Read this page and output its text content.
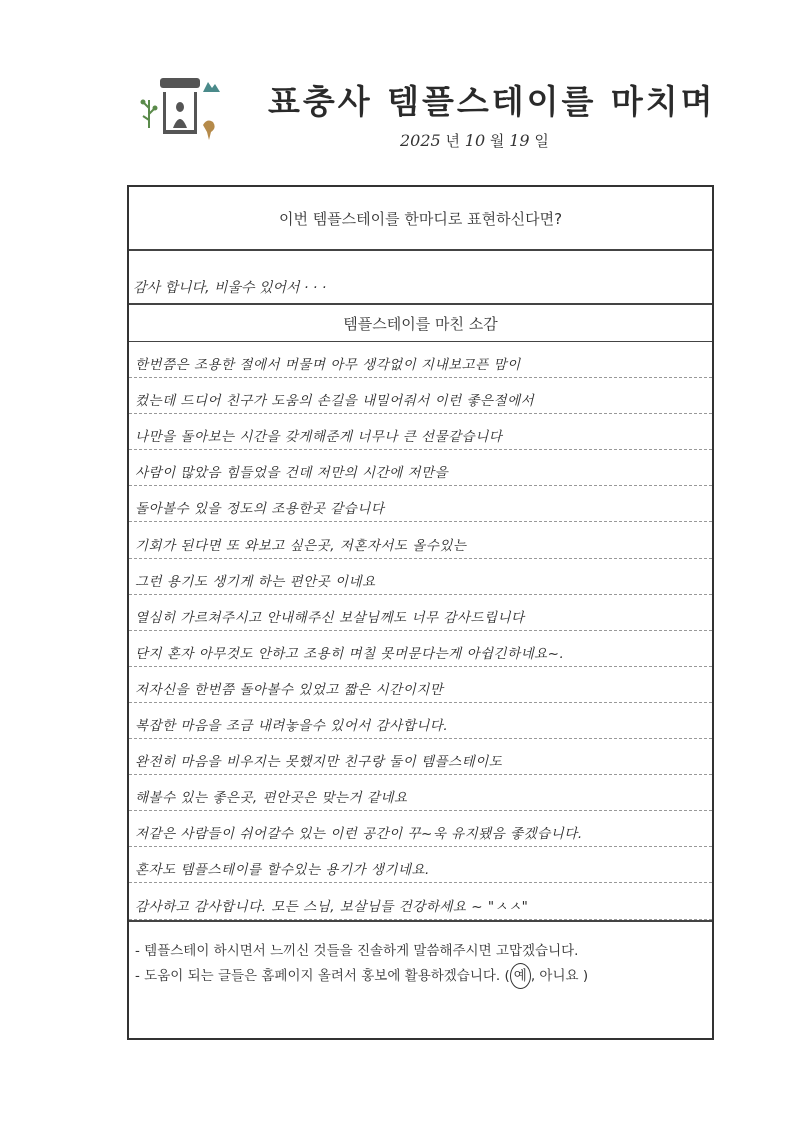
표충사 템플스테이를 마치며
2025 년 10 월 19 일
이번 템플스테이를 한마디로 표현하신다면?
감사 합니다, 비울수 있어서 · · ·
템플스테이를 마친 소감
한번쯤은 조용한 절에서 머물며 아무 생각없이 지내보고픈 맘이
컸는데 드디어 친구가 도움의 손길을 내밀어줘서 이런 좋은절에서
나만을 돌아보는 시간을 갖게해준게 너무나 큰 선물같습니다
사람이 많았음 힘들었을 건데 저만의 시간에 저만을
돌아볼수 있을 정도의 조용한곳 같습니다
기회가 된다면 또 와보고 싶은곳, 저혼자서도 올수있는
그런 용기도 생기게 하는 편안곳 이네요
열심히 가르쳐주시고 안내해주신 보살님께도 너무 감사드립니다
단지 혼자 아무것도 안하고 조용히 며칠 못머문다는게 아쉽긴하네요~.
저자신을 한번쯤 돌아볼수 있었고 짧은 시간이지만
복잡한 마음을 조금 내려놓을수 있어서 감사합니다.
완전히 마음을 비우지는 못했지만 친구랑 둘이 템플스테이도
해볼수 있는 좋은곳, 편안곳은 맞는거 같네요
저같은 사람들이 쉬어갈수 있는 이런 공간이 꾸~욱 유지됐음 좋겠습니다.
혼자도 템플스테이를 할수있는 용기가 생기네요.
감사하고 감사합니다. 모든 스님, 보살님들 건강하세요 ~ "ㅅㅅ"
- 템플스테이 하시면서 느끼신 것들을 진솔하게 말씀해주시면 고맙겠습니다.
- 도움이 되는 글들은 홈페이지 올려서 홍보에 활용하겠습니다. ( 예 , 아니요 )
